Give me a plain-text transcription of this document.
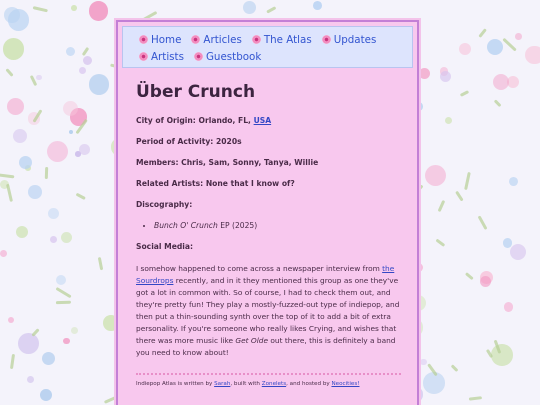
Home Articles The Atlas Updates
Artists Guestbook
Über Crunch

City of Origin: Orlando, FL, USA

Period of Activity: 2020s

Members: Chris, Sam, Sonny, Tanya, Willie

Related Artists: None that I know of?

Discography:

• Bunch O' Crunch EP (2025)

Social Media:

I somehow happened to come across a newspaper interview from the Sourdrops recently, and in it they mentioned this group as one they've got a lot in common with. So of course, I had to check them out, and they're pretty fun! They play a mostly-fuzzed-out type of indiepop, and then put a thin-sounding synth over the top of it to add a bit of extra personality. If you're someone who really likes Crying, and wishes that there was more music like Get Olde out there, this is definitely a band you need to know about!

Indiepop Atlas is written by Sarah, built with Zonelets, and hosted by Neocities!
